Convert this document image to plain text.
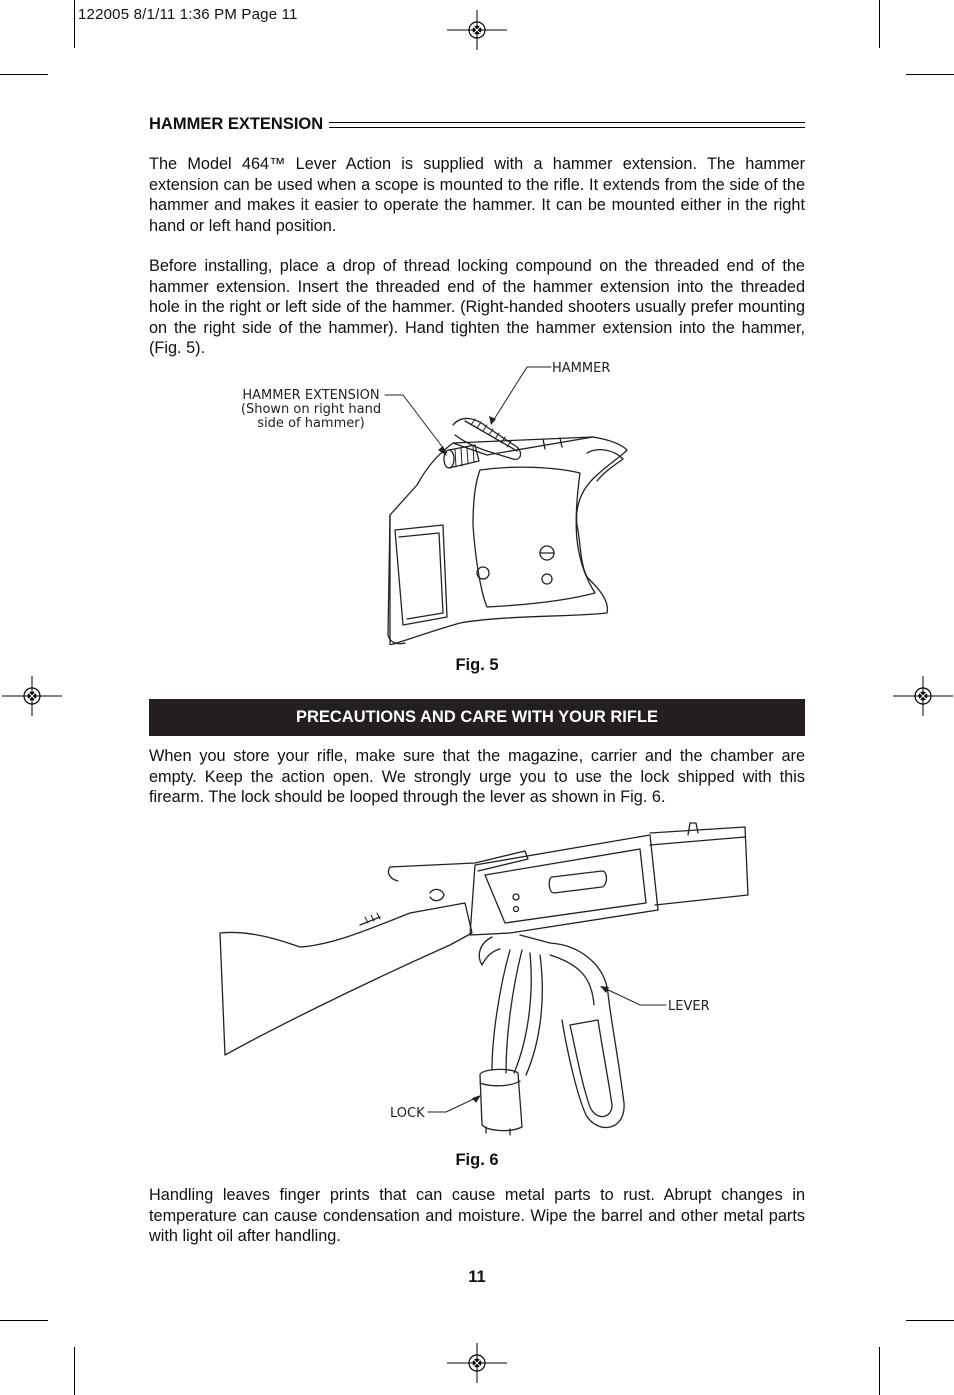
122005 8/1/11 1:36 PM Page 11
HAMMER EXTENSION

The Model 464™ Lever Action is supplied with a hammer extension. The hammer extension can be used when a scope is mounted to the rifle. It extends from the side of the hammer and makes it easier to operate the hammer. It can be mounted either in the right hand or left hand position.

Before installing, place a drop of thread locking compound on the threaded end of the hammer extension. Insert the threaded end of the hammer extension into the threaded hole in the right or left side of the hammer. (Right-handed shooters usually prefer mounting on the right side of the hammer). Hand tighten the hammer extension into the hammer, (Fig. 5).

Fig. 5
PRECAUTIONS AND CARE WITH YOUR RIFLE

When you store your rifle, make sure that the magazine, carrier and the chamber are empty. Keep the action open. We strongly urge you to use the lock shipped with this firearm. The lock should be looped through the lever as shown in Fig. 6.

Fig. 6

Handling leaves finger prints that can cause metal parts to rust. Abrupt changes in temperature can cause condensation and moisture. Wipe the barrel and other metal parts with light oil after handling.

11
HAMMER
HAMMER EXTENSION
(Shown on right hand
side of hammer)
LEVER
LOCK
